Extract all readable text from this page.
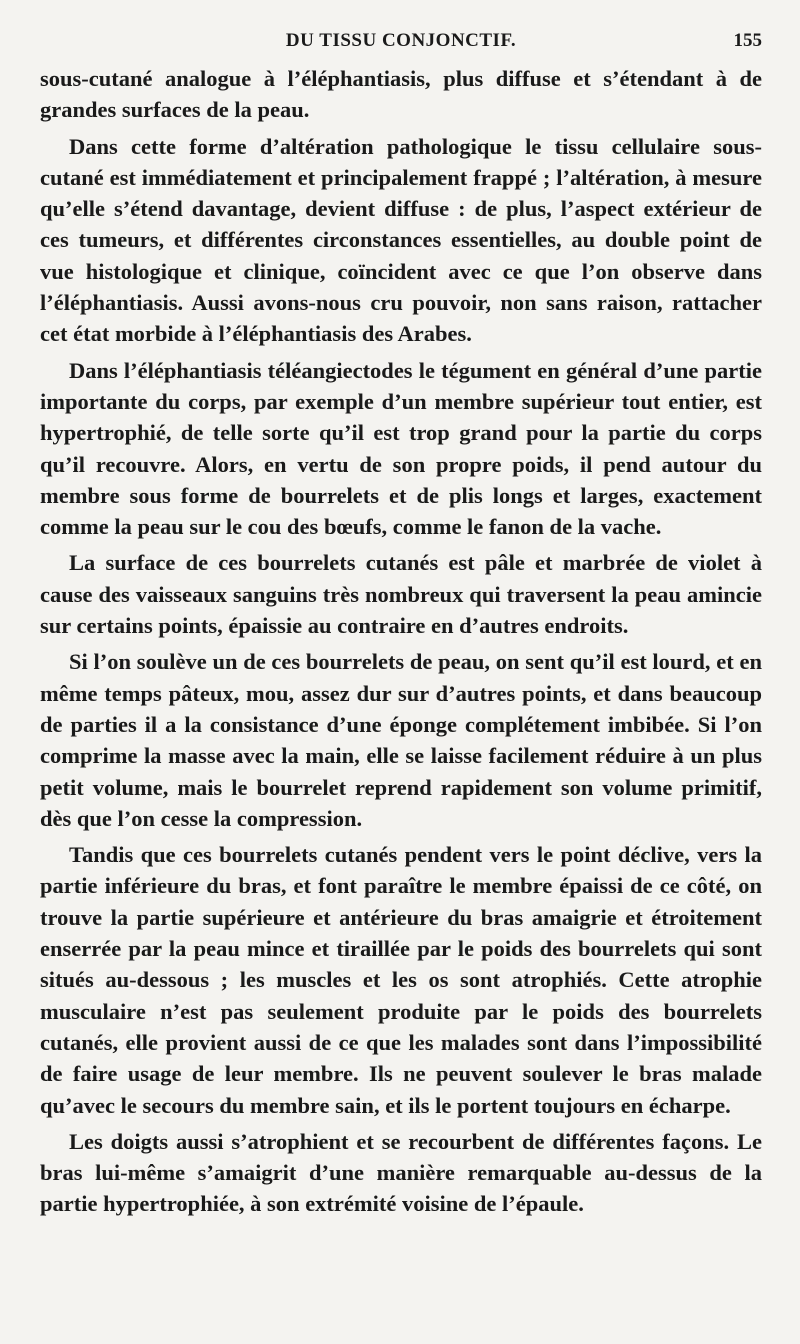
DU TISSU CONJONCTIF.	155

sous-cutané analogue à l’éléphantiasis, plus diffuse et s’étendant à de grandes surfaces de la peau.

Dans cette forme d’altération pathologique le tissu cellulaire sous-cutané est immédiatement et principalement frappé ; l’altération, à mesure qu’elle s’étend davantage, devient diffuse : de plus, l’aspect extérieur de ces tumeurs, et différentes circonstances essentielles, au double point de vue histologique et clinique, coïncident avec ce que l’on observe dans l’éléphantiasis. Aussi avons-nous cru pouvoir, non sans raison, rattacher cet état morbide à l’éléphantiasis des Arabes.

Dans l’éléphantiasis téléangiectodes le tégument en général d’une partie importante du corps, par exemple d’un membre supérieur tout entier, est hypertrophié, de telle sorte qu’il est trop grand pour la partie du corps qu’il recouvre. Alors, en vertu de son propre poids, il pend autour du membre sous forme de bourrelets et de plis longs et larges, exactement comme la peau sur le cou des bœufs, comme le fanon de la vache.

La surface de ces bourrelets cutanés est pâle et marbrée de violet à cause des vaisseaux sanguins très nombreux qui traversent la peau amincie sur certains points, épaissie au contraire en d’autres endroits.

Si l’on soulève un de ces bourrelets de peau, on sent qu’il est lourd, et en même temps pâteux, mou, assez dur sur d’autres points, et dans beaucoup de parties il a la consistance d’une éponge complétement imbibée. Si l’on comprime la masse avec la main, elle se laisse facilement réduire à un plus petit volume, mais le bourrelet reprend rapidement son volume primitif, dès que l’on cesse la compression.

Tandis que ces bourrelets cutanés pendent vers le point déclive, vers la partie inférieure du bras, et font paraître le membre épaissi de ce côté, on trouve la partie supérieure et antérieure du bras amaigrie et étroitement enserrée par la peau mince et tiraillée par le poids des bourrelets qui sont situés au-dessous ; les muscles et les os sont atrophiés. Cette atrophie musculaire n’est pas seulement produite par le poids des bourrelets cutanés, elle provient aussi de ce que les malades sont dans l’impossibilité de faire usage de leur membre. Ils ne peuvent soulever le bras malade qu’avec le secours du membre sain, et ils le portent toujours en écharpe.

Les doigts aussi s’atrophient et se recourbent de différentes façons. Le bras lui-même s’amaigrit d’une manière remarquable au-dessus de la partie hypertrophiée, à son extrémité voisine de l’épaule.
